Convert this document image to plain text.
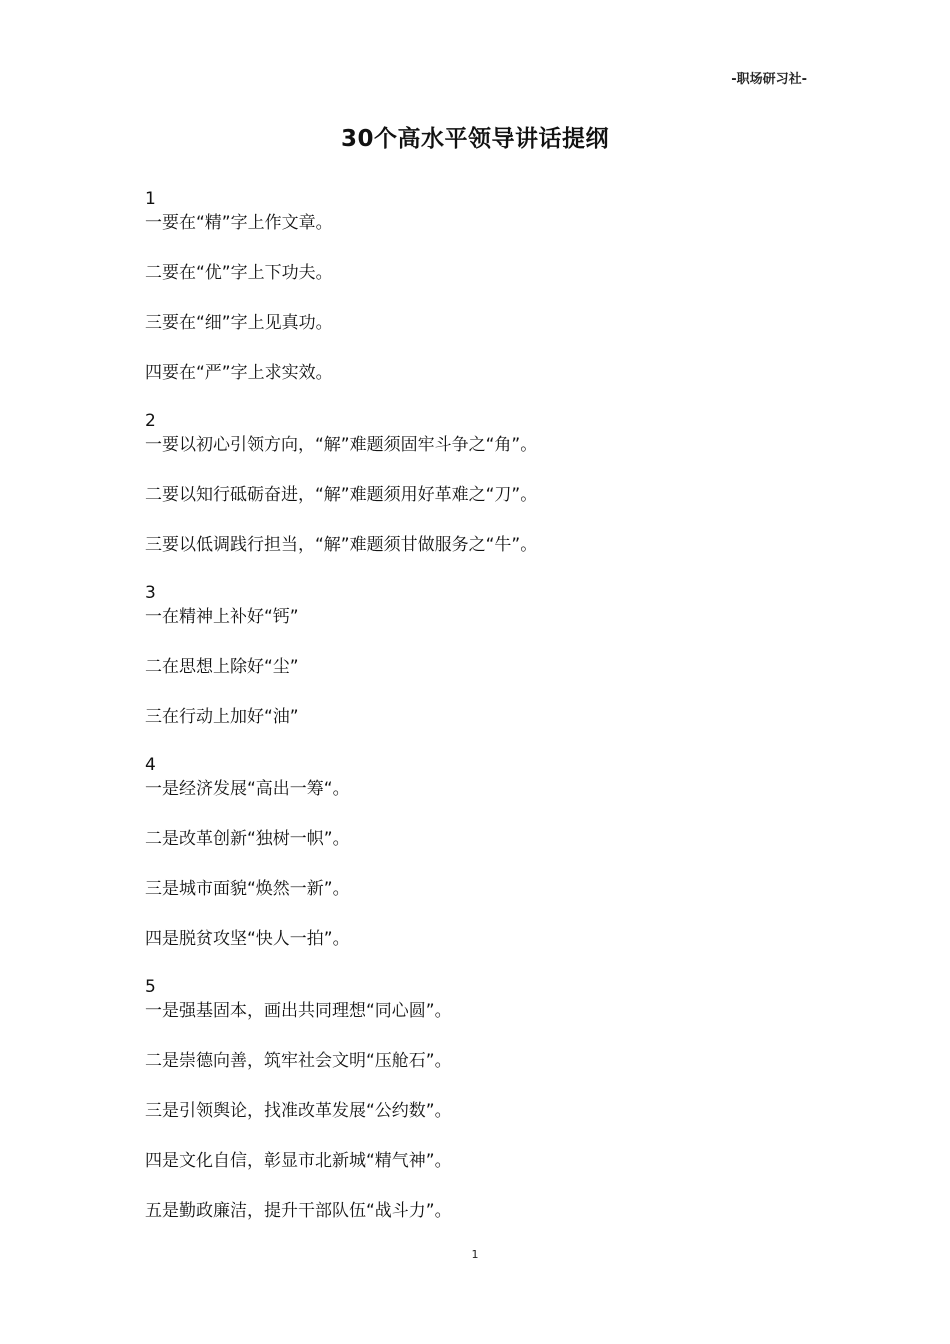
-职场研习社-
30个高水平领导讲话提纲
1
一要在“精”字上作文章。
二要在“优”字上下功夫。
三要在“细”字上见真功。
四要在“严”字上求实效。
2
一要以初心引领方向，“解”难题须固牢斗争之“角”。
二要以知行砥砺奋进，“解”难题须用好革难之“刀”。
三要以低调践行担当，“解”难题须甘做服务之“牛”。
3
一在精神上补好“钙”
二在思想上除好“尘”
三在行动上加好“油”
4
一是经济发展“高出一筹“。
二是改革创新“独树一帜”。
三是城市面貌“焕然一新”。
四是脱贫攻坚“快人一拍”。
5
一是强基固本，画出共同理想“同心圆”。
二是崇德向善，筑牢社会文明“压舱石”。
三是引领舆论，找准改革发展“公约数”。
四是文化自信，彰显市北新城“精气神”。
五是勤政廉洁，提升干部队伍“战斗力”。
1
